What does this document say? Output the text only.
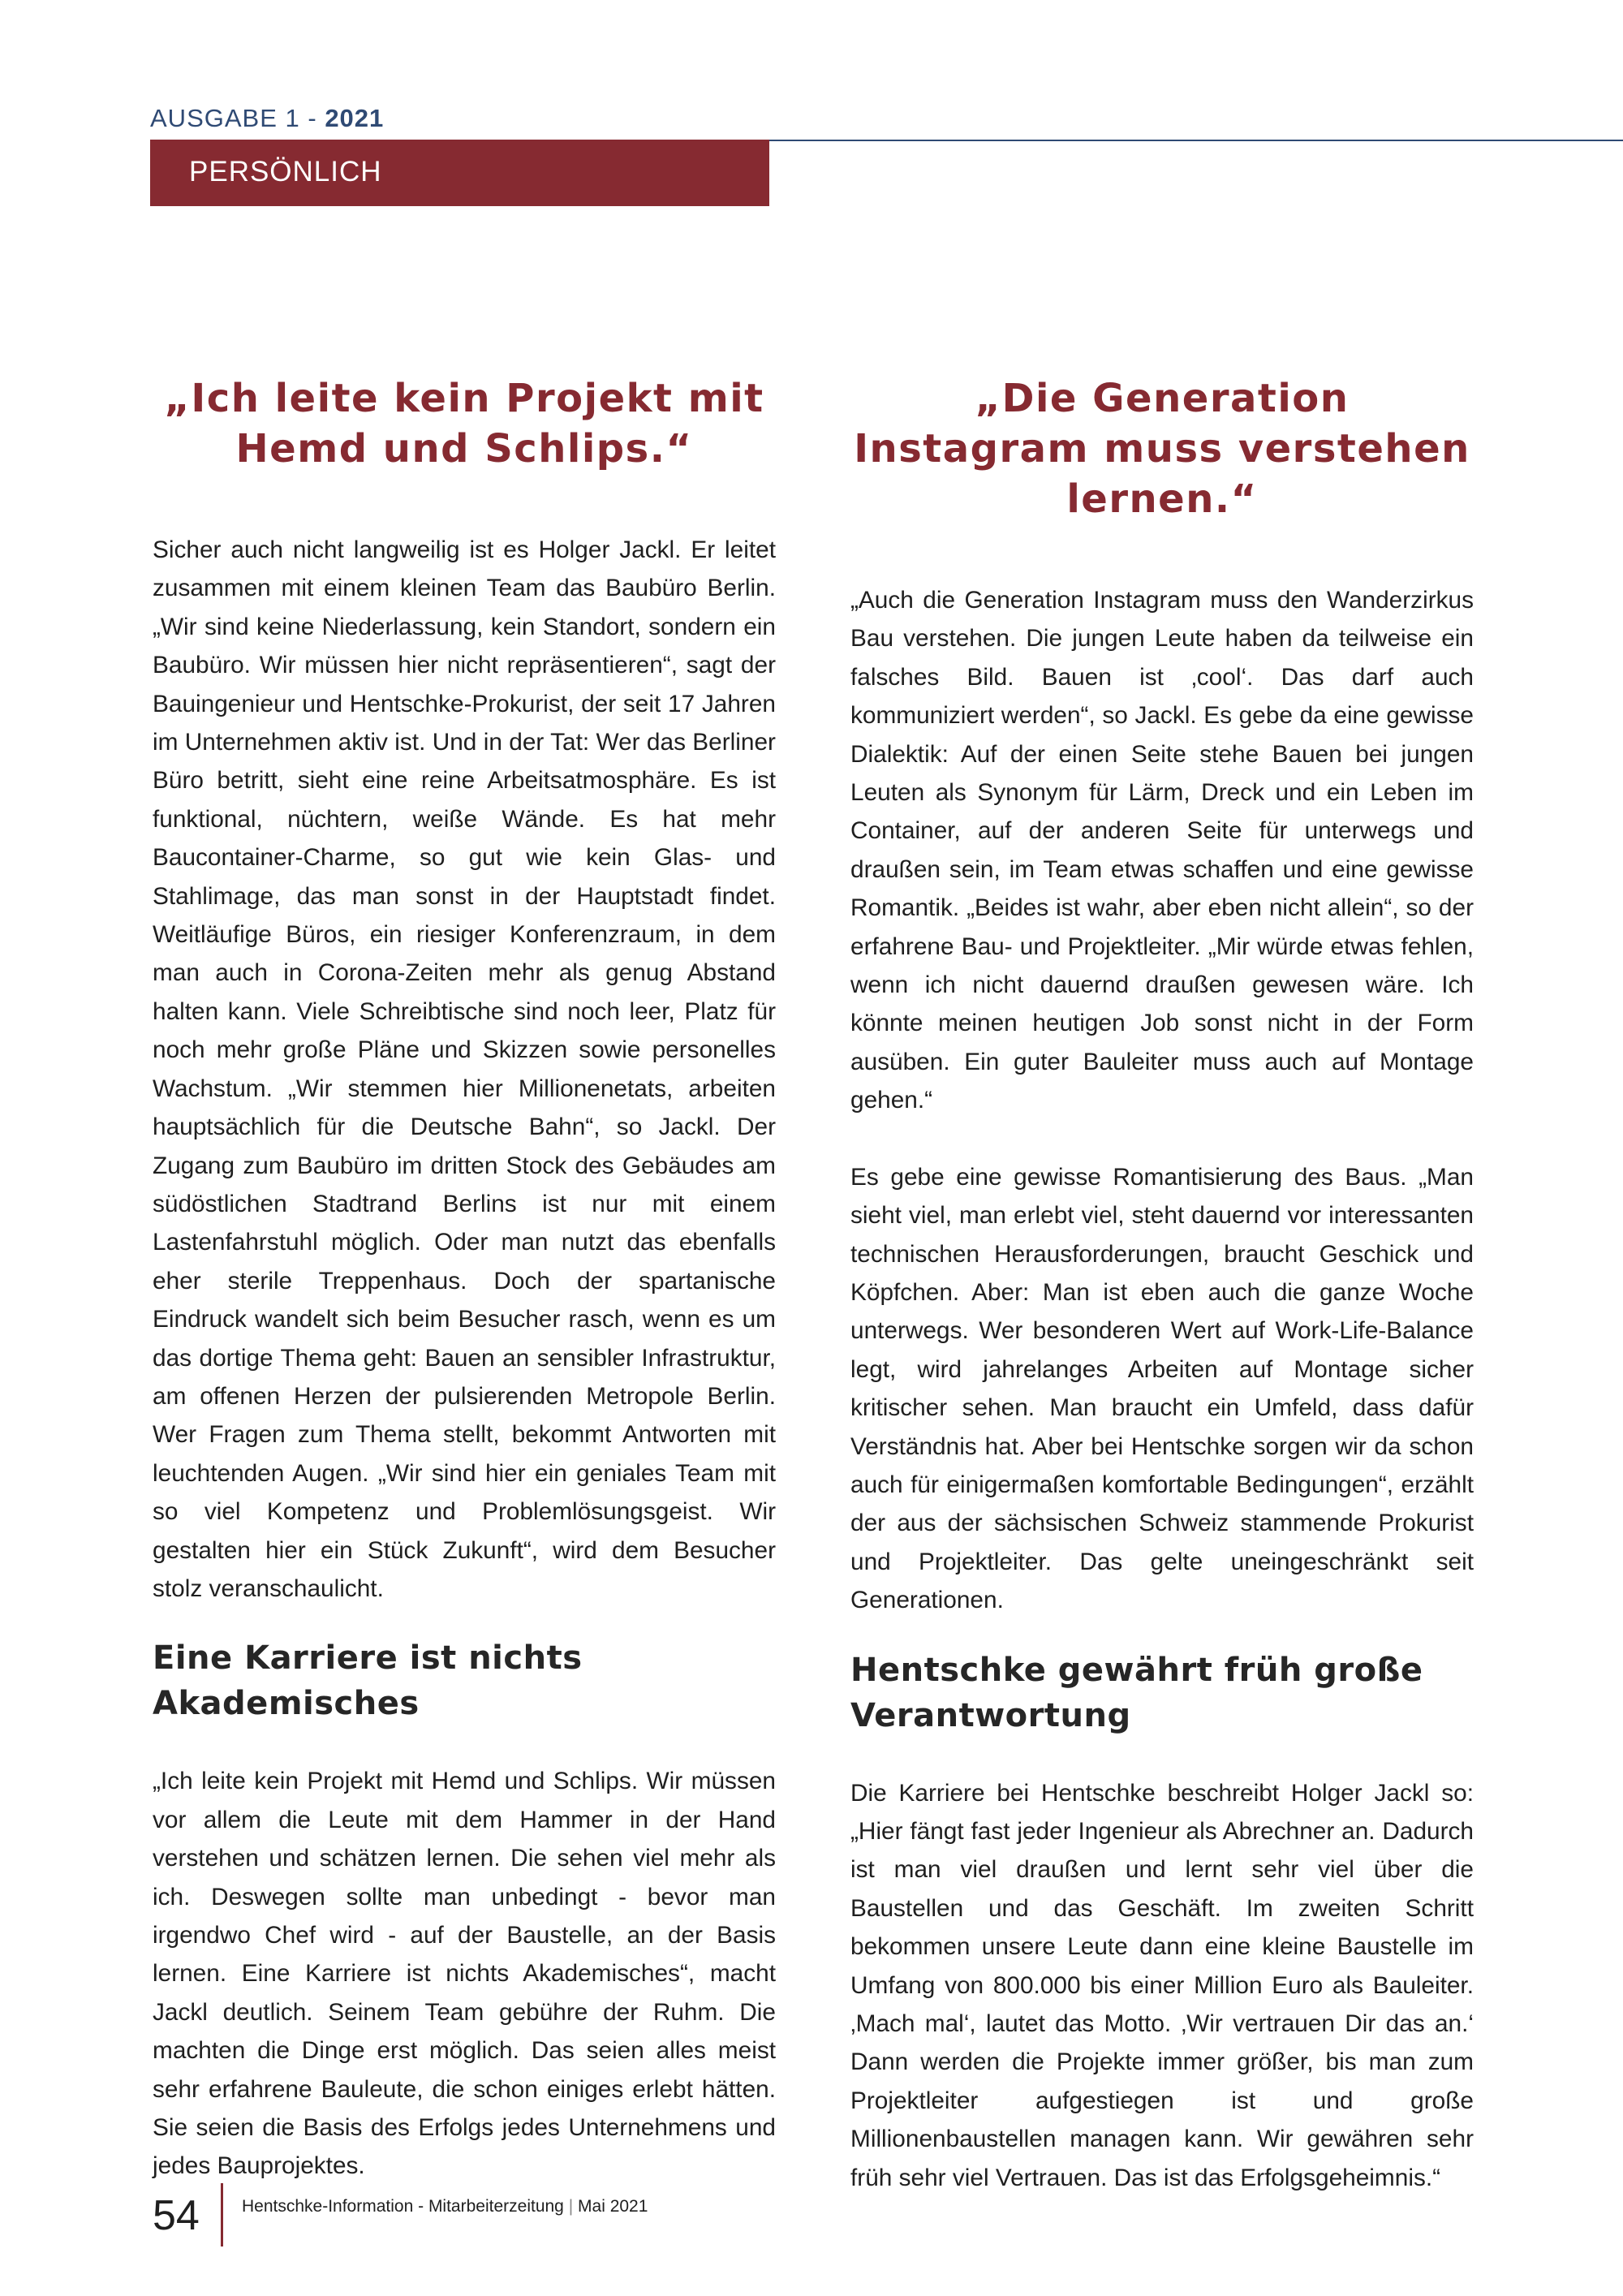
AUSGABE 1 - 2021
PERSÖNLICH
„Ich leite kein Projekt mit Hemd und Schlips.“

Sicher auch nicht langweilig ist es Holger Jackl. Er leitet zusammen mit einem kleinen Team das Baubüro Berlin. „Wir sind keine Niederlassung, kein Standort, sondern ein Baubüro. Wir müssen hier nicht repräsentieren“, sagt der Bauingenieur und Hentschke-Prokurist, der seit 17 Jahren im Unternehmen aktiv ist. Und in der Tat: Wer das Berliner Büro betritt, sieht eine reine Arbeitsatmosphäre. Es ist funktional, nüchtern, weiße Wände. Es hat mehr Baucontainer-Charme, so gut wie kein Glas- und Stahlimage, das man sonst in der Hauptstadt findet. Weitläufige Büros, ein riesiger Konferenzraum, in dem man auch in Corona-Zeiten mehr als genug Abstand halten kann. Viele Schreibtische sind noch leer, Platz für noch mehr große Pläne und Skizzen sowie personelles Wachstum. „Wir stemmen hier Millionenetats, arbeiten hauptsächlich für die Deutsche Bahn“, so Jackl. Der Zugang zum Baubüro im dritten Stock des Gebäudes am südöstlichen Stadtrand Berlins ist nur mit einem Lastenfahrstuhl möglich. Oder man nutzt das ebenfalls eher sterile Treppenhaus. Doch der spartanische Eindruck wandelt sich beim Besucher rasch, wenn es um das dortige Thema geht: Bauen an sensibler Infrastruktur, am offenen Herzen der pulsierenden Metropole Berlin. Wer Fragen zum Thema stellt, bekommt Antworten mit leuchtenden Augen. „Wir sind hier ein geniales Team mit so viel Kompetenz und Problemlösungsgeist. Wir gestalten hier ein Stück Zukunft“, wird dem Besucher stolz veranschaulicht.

Eine Karriere ist nichts Akademisches

„Ich leite kein Projekt mit Hemd und Schlips. Wir müssen vor allem die Leute mit dem Hammer in der Hand verstehen und schätzen lernen. Die sehen viel mehr als ich. Deswegen sollte man unbedingt - bevor man irgendwo Chef wird - auf der Baustelle, an der Basis lernen. Eine Karriere ist nichts Akademisches“, macht Jackl deutlich. Seinem Team gebühre der Ruhm. Die machten die Dinge erst möglich. Das seien alles meist sehr erfahrene Bauleute, die schon einiges erlebt hätten. Sie seien die Basis des Erfolgs jedes Unternehmens und jedes Bauprojektes.

„Die Generation Instagram muss verstehen lernen.“

„Auch die Generation Instagram muss den Wanderzirkus Bau verstehen. Die jungen Leute haben da teilweise ein falsches Bild. Bauen ist ‚cool‘. Das darf auch kommuniziert werden“, so Jackl. Es gebe da eine gewisse Dialektik: Auf der einen Seite stehe Bauen bei jungen Leuten als Synonym für Lärm, Dreck und ein Leben im Container, auf der anderen Seite für unterwegs und draußen sein, im Team etwas schaffen und eine gewisse Romantik. „Beides ist wahr, aber eben nicht allein“, so der erfahrene Bau- und Projektleiter. „Mir würde etwas fehlen, wenn ich nicht dauernd draußen gewesen wäre. Ich könnte meinen heutigen Job sonst nicht in der Form ausüben. Ein guter Bauleiter muss auch auf Montage gehen.“

Es gebe eine gewisse Romantisierung des Baus. „Man sieht viel, man erlebt viel, steht dauernd vor interessanten technischen Herausforderungen, braucht Geschick und Köpfchen. Aber: Man ist eben auch die ganze Woche unterwegs. Wer besonderen Wert auf Work-Life-Balance legt, wird jahrelanges Arbeiten auf Montage sicher kritischer sehen. Man braucht ein Umfeld, dass dafür Verständnis hat. Aber bei Hentschke sorgen wir da schon auch für einigermaßen komfortable Bedingungen“, erzählt der aus der sächsischen Schweiz stammende Prokurist und Projektleiter. Das gelte uneingeschränkt seit Generationen.

Hentschke gewährt früh große Verantwortung

Die Karriere bei Hentschke beschreibt Holger Jackl so: „Hier fängt fast jeder Ingenieur als Abrechner an. Dadurch ist man viel draußen und lernt sehr viel über die Baustellen und das Geschäft. Im zweiten Schritt bekommen unsere Leute dann eine kleine Baustelle im Umfang von 800.000 bis einer Million Euro als Bauleiter. ‚Mach mal‘, lautet das Motto. ‚Wir vertrauen Dir das an.‘ Dann werden die Projekte immer größer, bis man zum Projektleiter aufgestiegen ist und große Millionenbaustellen managen kann. Wir gewähren sehr früh sehr viel Vertrauen. Das ist das Erfolgsgeheimnis.“

54 Hentschke-Information - Mitarbeiterzeitung | Mai 2021
